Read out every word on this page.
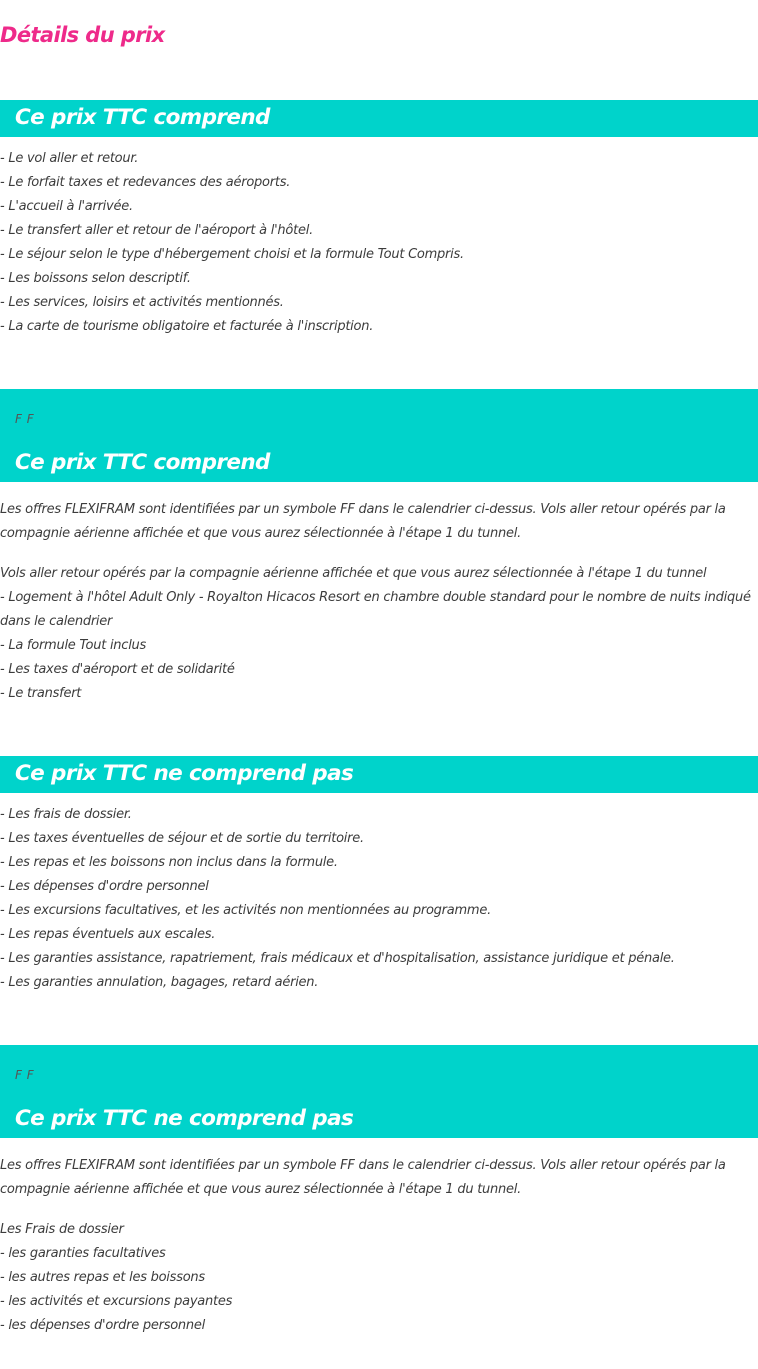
Détails du prix
Ce prix TTC comprend
- Le vol aller et retour.
- Le forfait taxes et redevances des aéroports.
- L'accueil à l'arrivée.
- Le transfert aller et retour de l'aéroport à l'hôtel.
- Le séjour selon le type d'hébergement choisi et la formule Tout Compris.
- Les boissons selon descriptif.
- Les services, loisirs et activités mentionnés.
- La carte de tourisme obligatoire et facturée à l'inscription.
F F
Ce prix TTC comprend

Les offres FLEXIFRAM sont identifiées par un symbole FF dans le calendrier ci-dessus. Vols aller retour opérés par la compagnie aérienne affichée et que vous aurez sélectionnée à l'étape 1 du tunnel.

Vols aller retour opérés par la compagnie aérienne affichée et que vous aurez sélectionnée à l'étape 1 du tunnel
- Logement à l'hôtel Adult Only - Royalton Hicacos Resort en chambre double standard pour le nombre de nuits indiqué dans le calendrier
- La formule Tout inclus
- Les taxes d'aéroport et de solidarité
- Le transfert
Ce prix TTC ne comprend pas
- Les frais de dossier.
- Les taxes éventuelles de séjour et de sortie du territoire.
- Les repas et les boissons non inclus dans la formule.
- Les dépenses d'ordre personnel
- Les excursions facultatives, et les activités non mentionnées au programme.
- Les repas éventuels aux escales.
- Les garanties assistance, rapatriement, frais médicaux et d'hospitalisation, assistance juridique et pénale.
- Les garanties annulation, bagages, retard aérien.
F F
Ce prix TTC ne comprend pas

Les offres FLEXIFRAM sont identifiées par un symbole FF dans le calendrier ci-dessus. Vols aller retour opérés par la compagnie aérienne affichée et que vous aurez sélectionnée à l'étape 1 du tunnel.

Les Frais de dossier
- les garanties facultatives
- les autres repas et les boissons
- les activités et excursions payantes
- les dépenses d'ordre personnel
